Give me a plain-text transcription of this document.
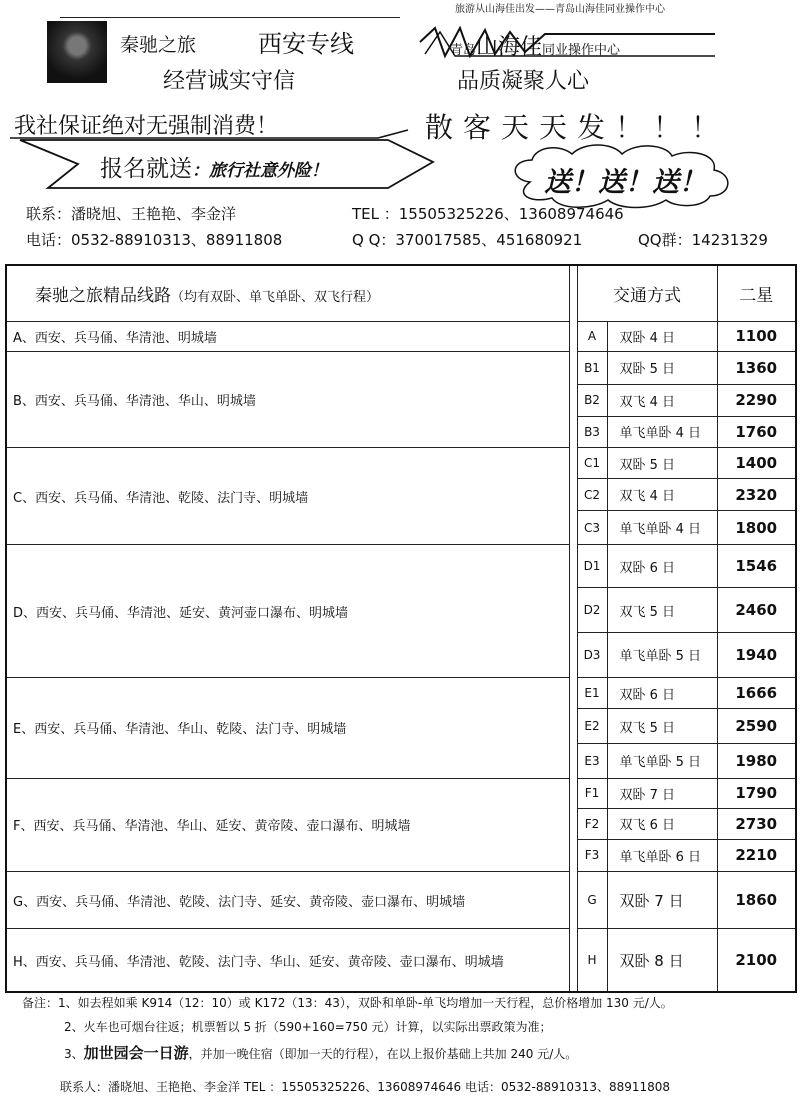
旅游从山海佳出发——青岛山海佳同业操作中心
秦驰之旅	西安专线	青岛山海佳同业操作中心
经营诚实守信	品质凝聚人心
我社保证绝对无强制消费！	散客天天发！！！
报名就送：旅行社意外险！	送！送！送！
联系：潘晓旭、王艳艳、李金洋	TEL ：15505325226、13608974646
电话：0532-88910313、88911808	Q Q：370017585、451680921	QQ群：14231329
秦驰之旅精品线路（均有双卧、单飞单卧、双飞行程）		交通方式		二星
A、西安、兵马俑、华清池、明城墙		A	双卧 4 日	1100
B、西安、兵马俑、华清池、华山、明城墙		B1	双卧 5 日	1360
		B2	双飞 4 日	2290
		B3	单飞单卧 4 日	1760
C、西安、兵马俑、华清池、乾陵、法门寺、明城墙		C1	双卧 5 日	1400
		C2	双飞 4 日	2320
		C3	单飞单卧 4 日	1800
D、西安、兵马俑、华清池、延安、黄河壶口瀑布、明城墙		D1	双卧 6 日	1546
		D2	双飞 5 日	2460
		D3	单飞单卧 5 日	1940
E、西安、兵马俑、华清池、华山、乾陵、法门寺、明城墙		E1	双卧 6 日	1666
		E2	双飞 5 日	2590
		E3	单飞单卧 5 日	1980
F、西安、兵马俑、华清池、华山、延安、黄帝陵、壶口瀑布、明城墙		F1	双卧 7 日	1790
		F2	双飞 6 日	2730
		F3	单飞单卧 6 日	2210
G、西安、兵马俑、华清池、乾陵、法门寺、延安、黄帝陵、壶口瀑布、明城墙		G	双卧 7 日	1860
H、西安、兵马俑、华清池、乾陵、法门寺、华山、延安、黄帝陵、壶口瀑布、明城墙		H	双卧 8 日	2100
备注：1、如去程如乘 K914（12：10）或 K172（13：43），双卧和单卧-单飞均增加一天行程，总价格增加 130 元/人。
2、火车也可烟台往返；机票暂以 5 折（590+160=750 元）计算，以实际出票政策为准；
3、加世园会一日游，并加一晚住宿（即加一天的行程），在以上报价基础上共加 240 元/人。
联系人：潘晓旭、王艳艳、李金洋 TEL ：15505325226、13608974646 电话：0532-88910313、88911808
